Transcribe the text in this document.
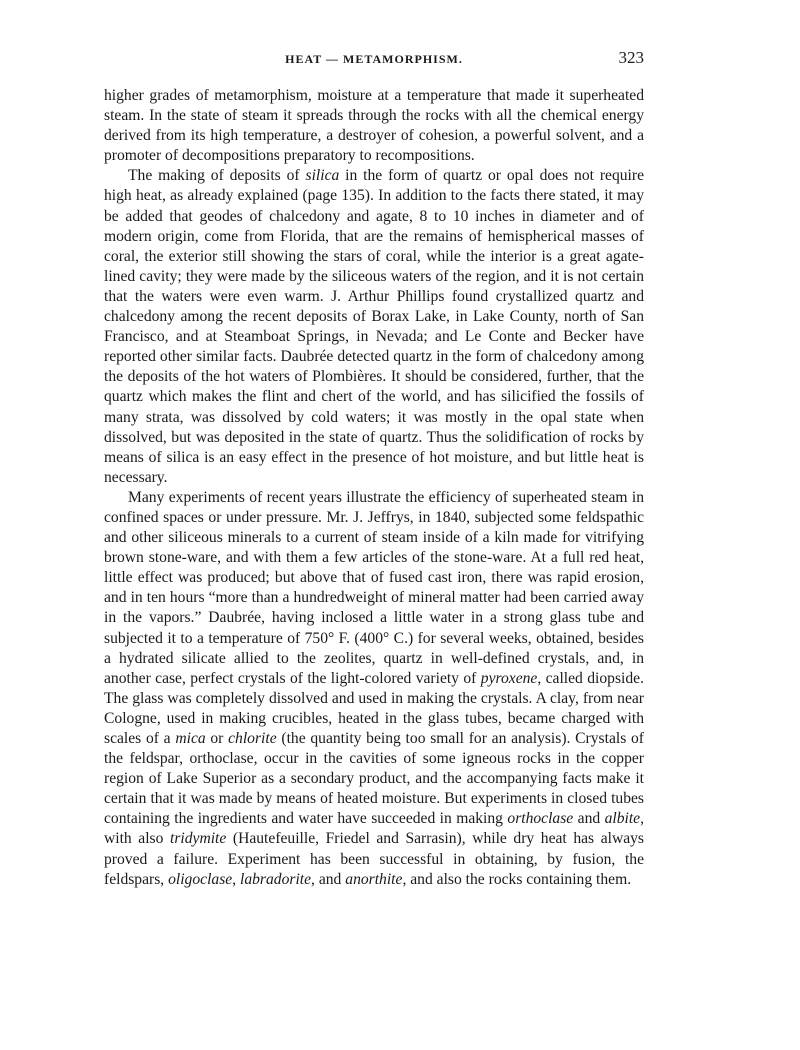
HEAT — METAMORPHISM.	323

higher grades of metamorphism, moisture at a temperature that made it superheated steam. In the state of steam it spreads through the rocks with all the chemical energy derived from its high temperature, a destroyer of cohesion, a powerful solvent, and a promoter of decompositions preparatory to recompositions.

The making of deposits of silica in the form of quartz or opal does not require high heat, as already explained (page 135). In addition to the facts there stated, it may be added that geodes of chalcedony and agate, 8 to 10 inches in diameter and of modern origin, come from Florida, that are the remains of hemispherical masses of coral, the exterior still showing the stars of coral, while the interior is a great agate-lined cavity; they were made by the siliceous waters of the region, and it is not certain that the waters were even warm. J. Arthur Phillips found crystallized quartz and chalcedony among the recent deposits of Borax Lake, in Lake County, north of San Francisco, and at Steamboat Springs, in Nevada; and Le Conte and Becker have reported other similar facts. Daubrée detected quartz in the form of chalcedony among the deposits of the hot waters of Plombières. It should be considered, further, that the quartz which makes the flint and chert of the world, and has silicified the fossils of many strata, was dissolved by cold waters; it was mostly in the opal state when dissolved, but was deposited in the state of quartz. Thus the solidification of rocks by means of silica is an easy effect in the presence of hot moisture, and but little heat is necessary.

Many experiments of recent years illustrate the efficiency of superheated steam in confined spaces or under pressure. Mr. J. Jeffrys, in 1840, subjected some feldspathic and other siliceous minerals to a current of steam inside of a kiln made for vitrifying brown stone-ware, and with them a few articles of the stone-ware. At a full red heat, little effect was produced; but above that of fused cast iron, there was rapid erosion, and in ten hours “more than a hundredweight of mineral matter had been carried away in the vapors.” Daubrée, having inclosed a little water in a strong glass tube and subjected it to a temperature of 750° F. (400° C.) for several weeks, obtained, besides a hydrated silicate allied to the zeolites, quartz in well-defined crystals, and, in another case, perfect crystals of the light-colored variety of pyroxene, called diopside. The glass was completely dissolved and used in making the crystals. A clay, from near Cologne, used in making crucibles, heated in the glass tubes, became charged with scales of a mica or chlorite (the quantity being too small for an analysis). Crystals of the feldspar, orthoclase, occur in the cavities of some igneous rocks in the copper region of Lake Superior as a secondary product, and the accompanying facts make it certain that it was made by means of heated moisture. But experiments in closed tubes containing the ingredients and water have succeeded in making orthoclase and albite, with also tridymite (Hautefeuille, Friedel and Sarrasin), while dry heat has always proved a failure. Experiment has been successful in obtaining, by fusion, the feldspars, oligoclase, labradorite, and anorthite, and also the rocks containing them.
